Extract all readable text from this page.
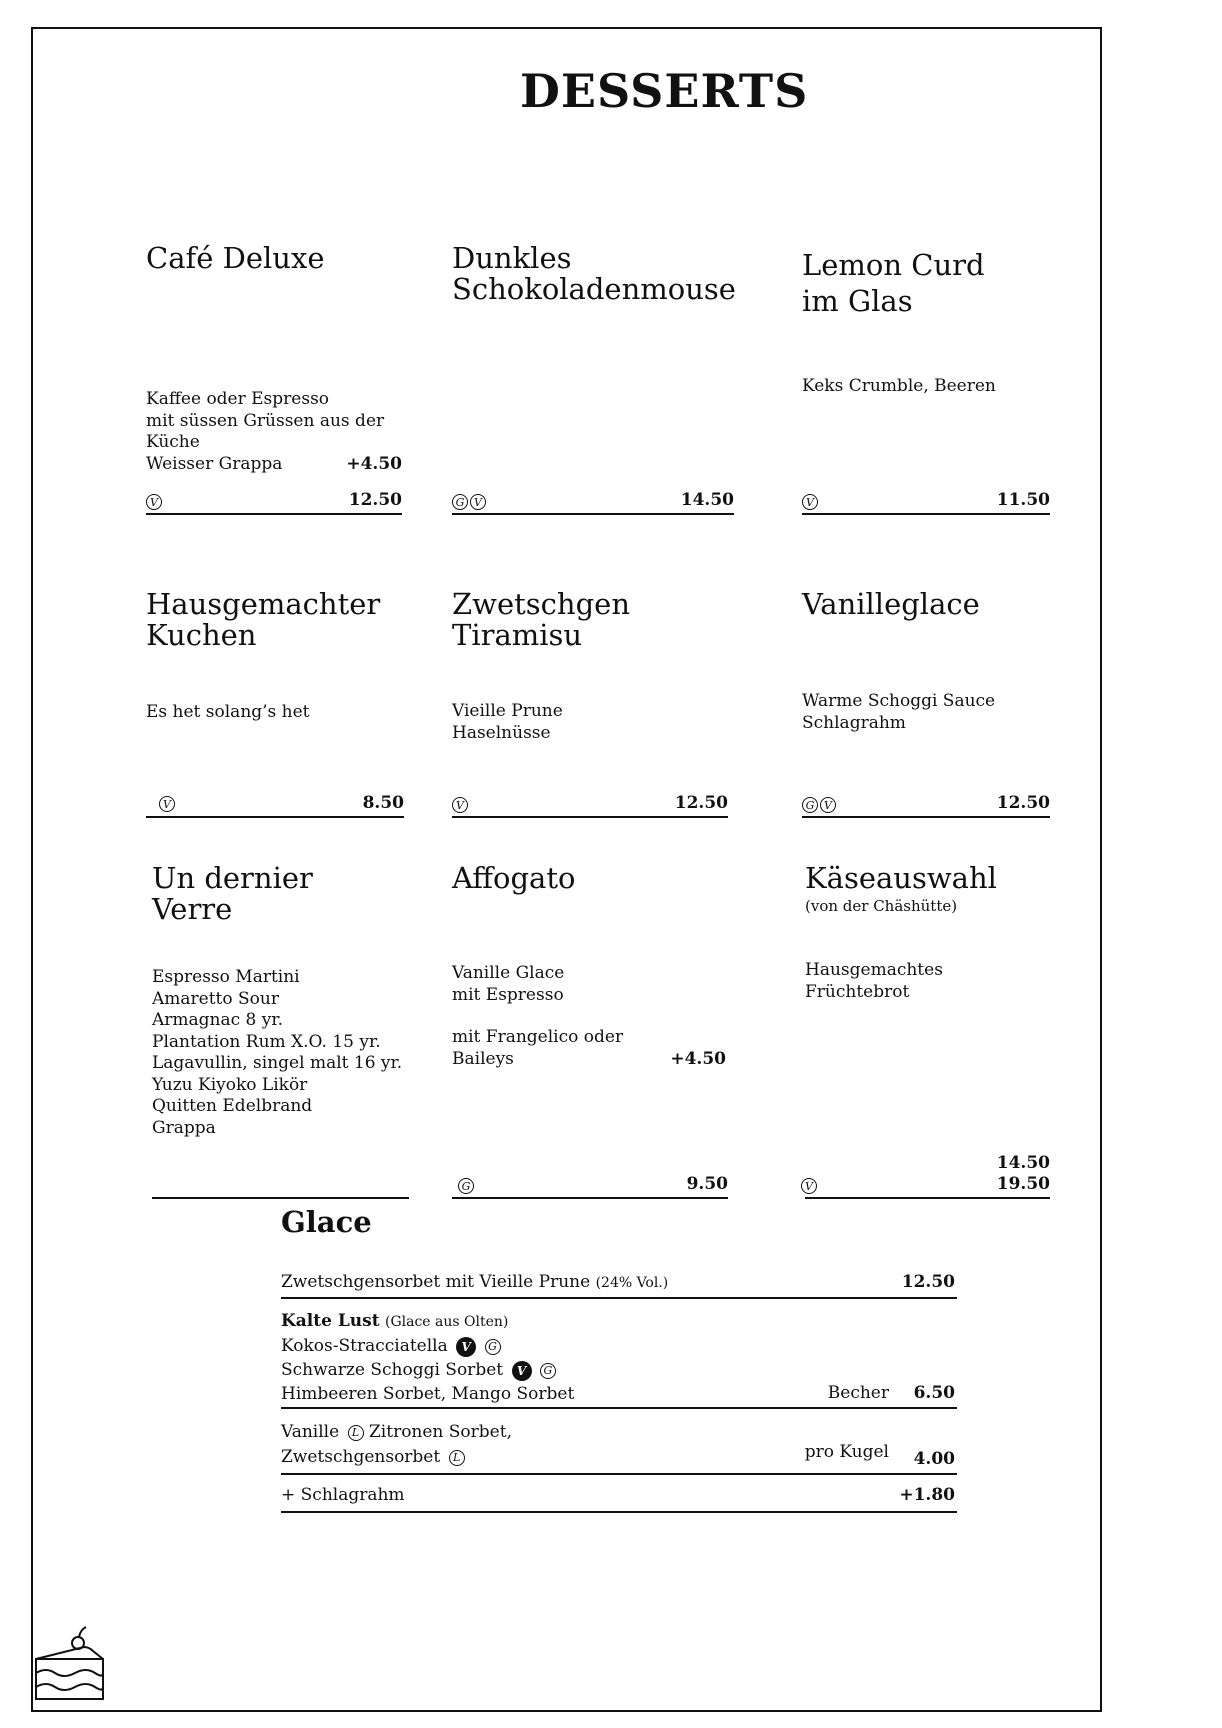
DESSERTS
Café Deluxe
Kaffee oder Espresso
mit süssen Grüssen aus der
Küche
Weisser Grappa	+4.50
V	12.50
Dunkles Schokoladenmouse
G V	14.50
Lemon Curd im Glas
Keks Crumble, Beeren
V	11.50
Hausgemachter Kuchen
Es het solang’s het
V	8.50
Zwetschgen Tiramisu
Vieille Prune
Haselnüsse
V	12.50
Vanilleglace
Warme Schoggi Sauce
Schlagrahm
G V	12.50
Un dernier Verre
Espresso Martini
Amaretto Sour
Armagnac 8 yr.
Plantation Rum X.O. 15 yr.
Lagavullin, singel malt 16 yr.
Yuzu Kiyoko Likör
Quitten Edelbrand
Grappa
Affogato
Vanille Glace
mit Espresso
mit Frangelico oder
Baileys	+4.50
G	9.50
Käseauswahl
(von der Chäshütte)
Hausgemachtes
Früchtebrot
V
14.50
19.50
Glace
Zwetschgensorbet mit Vieille Prune (24% Vol.)	12.50
Kalte Lust (Glace aus Olten)
Kokos-Stracciatella V G
Schwarze Schoggi Sorbet V G
Himbeeren Sorbet, Mango Sorbet	Becher 6.50
Vanille L Zitronen Sorbet,
Zwetschgensorbet L	pro Kugel 4.00
+ Schlagrahm	+1.80
